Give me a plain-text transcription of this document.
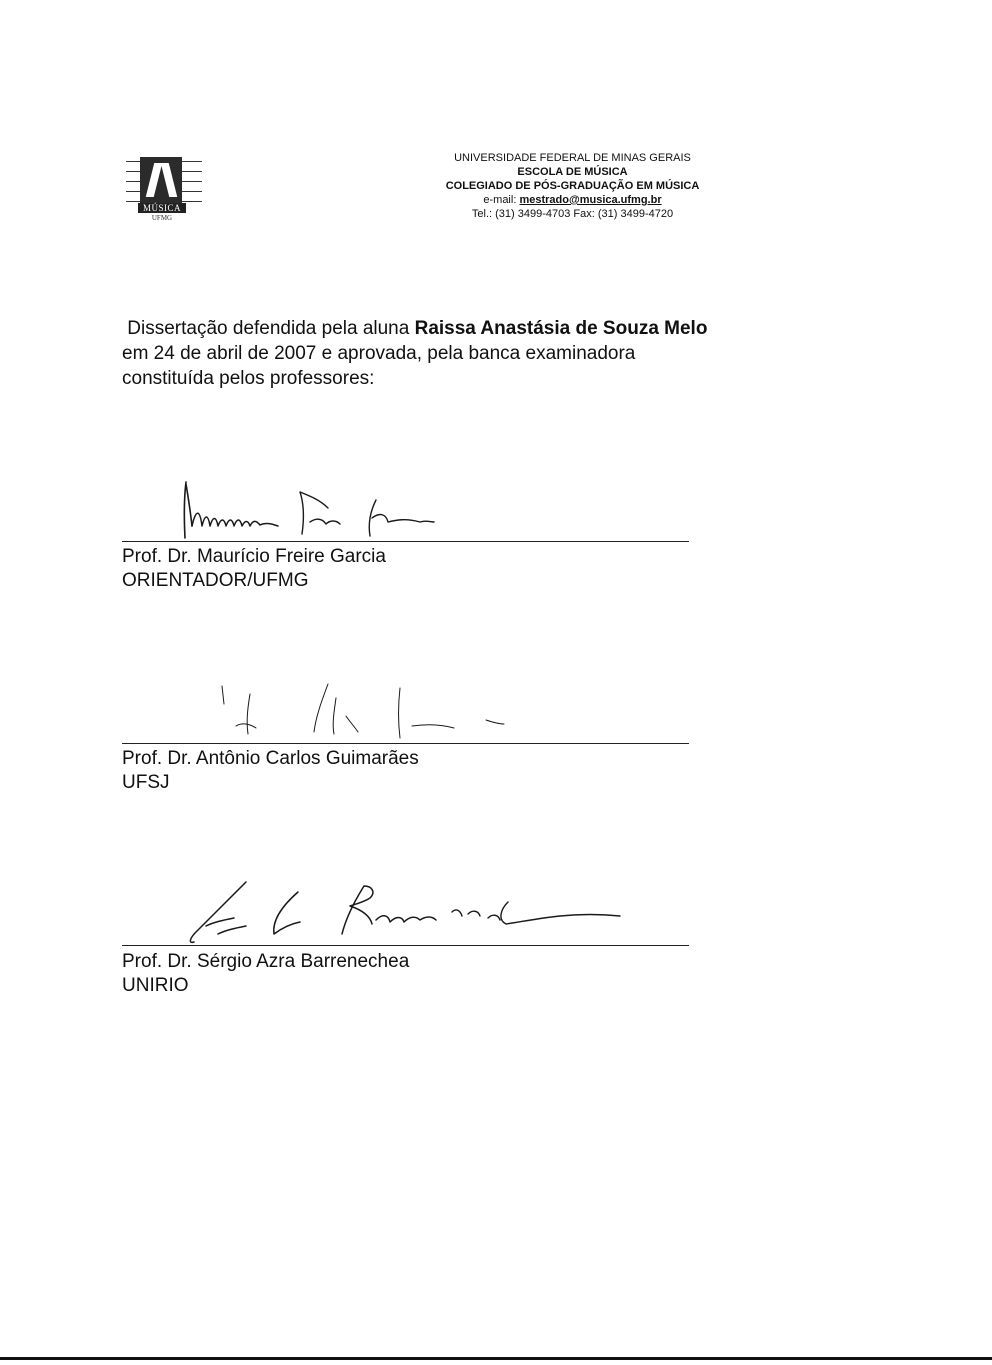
MÚSICA
UFMG
UNIVERSIDADE FEDERAL DE MINAS GERAIS
ESCOLA DE MÚSICA
COLEGIADO DE PÓS-GRADUAÇÃO EM MÚSICA
e-mail: mestrado@musica.ufmg.br
Tel.: (31) 3499-4703 Fax: (31) 3499-4720
Dissertação defendida pela aluna Raissa Anastásia de Souza Melo
em 24 de abril de 2007 e aprovada, pela banca examinadora
constituída pelos professores:
Prof. Dr. Maurício Freire Garcia
ORIENTADOR/UFMG
Prof. Dr. Antônio Carlos Guimarães
UFSJ
Prof. Dr. Sérgio Azra Barrenechea
UNIRIO
